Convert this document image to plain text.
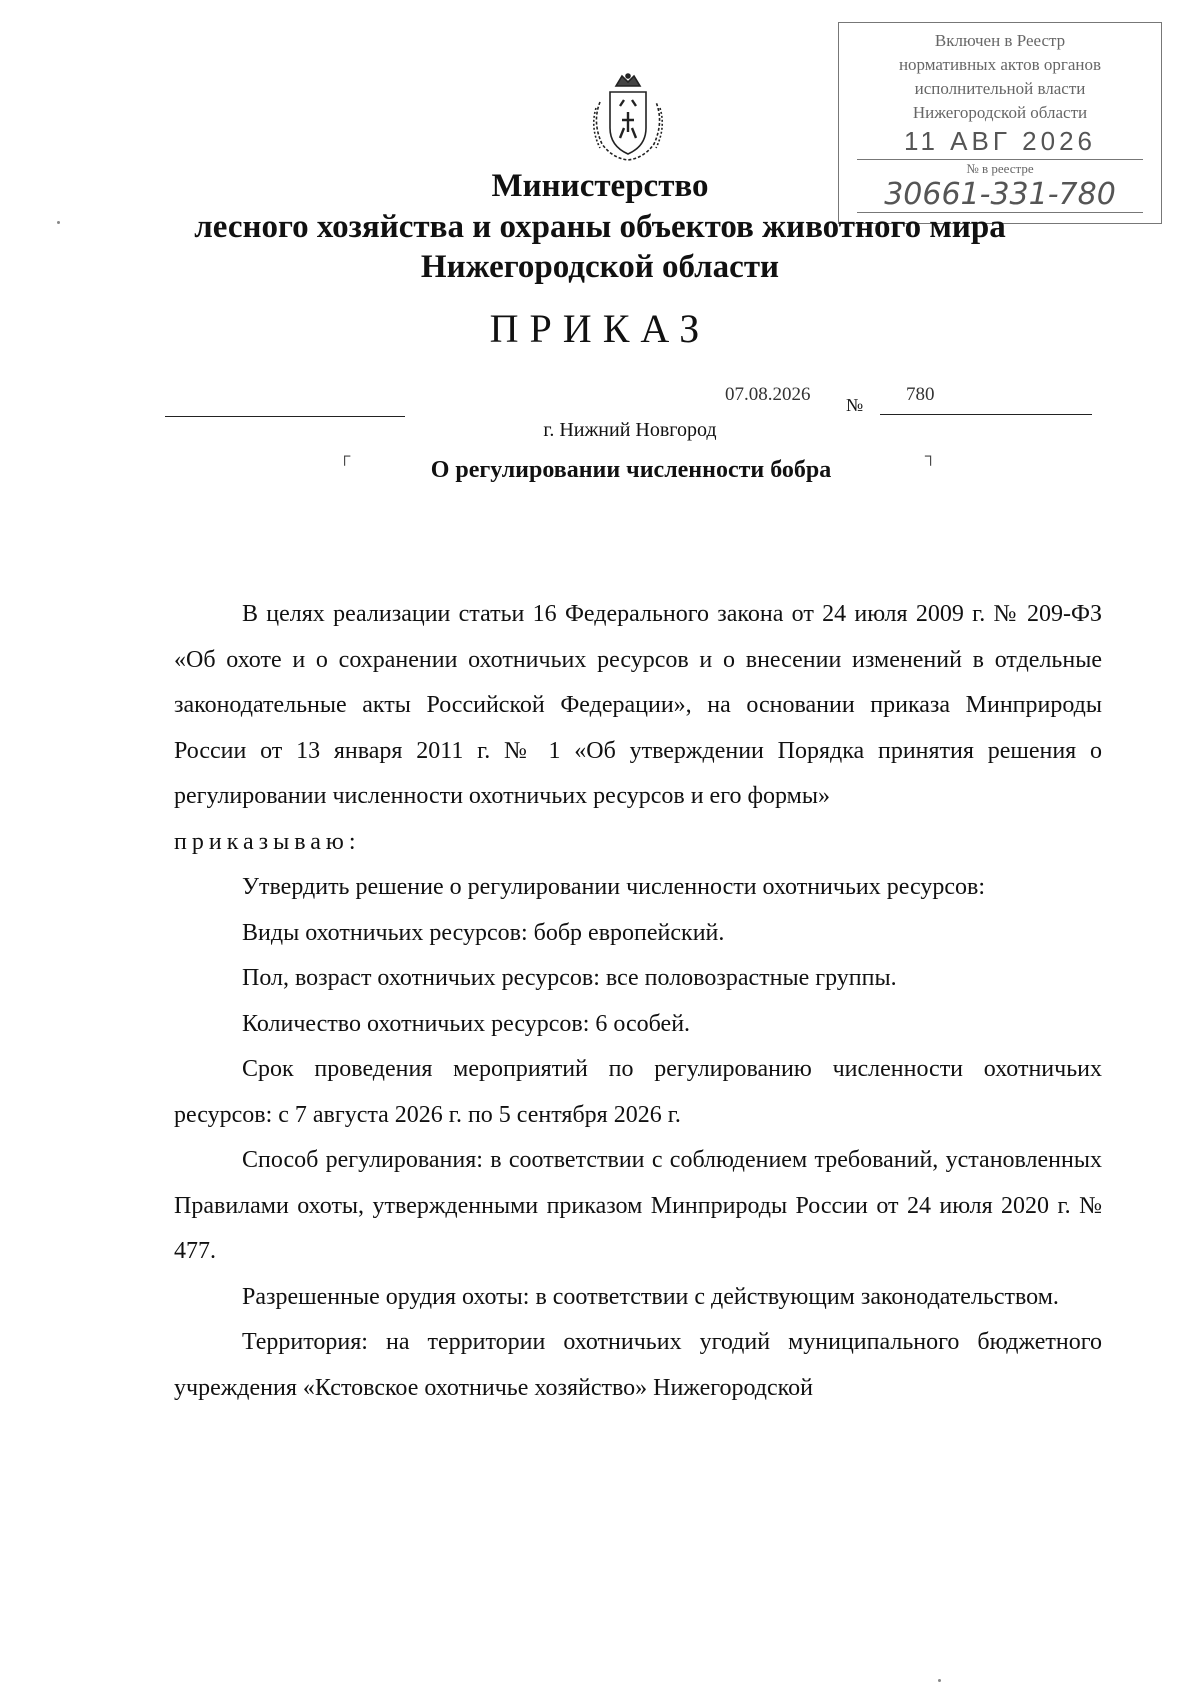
Включен в Реестр
нормативных актов органов
исполнительной власти
Нижегородской области
11 АВГ 2026
№ в реестре
30661-331-780
Министерство
лесного хозяйства и охраны объектов животного мира
Нижегородской области
ПРИКАЗ
07.08.2026 № 780
г. Нижний Новгород
┌	┐
О регулировании численности бобра

В целях реализации статьи 16 Федерального закона от 24 июля 2009 г. № 209-ФЗ «Об охоте и о сохранении охотничьих ресурсов и о внесении изменений в отдельные законодательные акты Российской Федерации», на основании приказа Минприроды России от 13 января 2011 г. № 1 «Об утверждении Порядка принятия решения о регулировании численности охотничьих ресурсов и его формы»

приказываю:

Утвердить решение о регулировании численности охотничьих ресурсов:

Виды охотничьих ресурсов: бобр европейский.

Пол, возраст охотничьих ресурсов: все половозрастные группы.

Количество охотничьих ресурсов: 6 особей.

Срок проведения мероприятий по регулированию численности охотничьих ресурсов: с 7 августа 2026 г. по 5 сентября 2026 г.

Способ регулирования: в соответствии с соблюдением требований, установленных Правилами охоты, утвержденными приказом Минприроды России от 24 июля 2020 г. № 477.

Разрешенные орудия охоты: в соответствии с действующим законодательством.

Территория: на территории охотничьих угодий муниципального бюджетного учреждения «Кстовское охотничье хозяйство» Нижегородской
